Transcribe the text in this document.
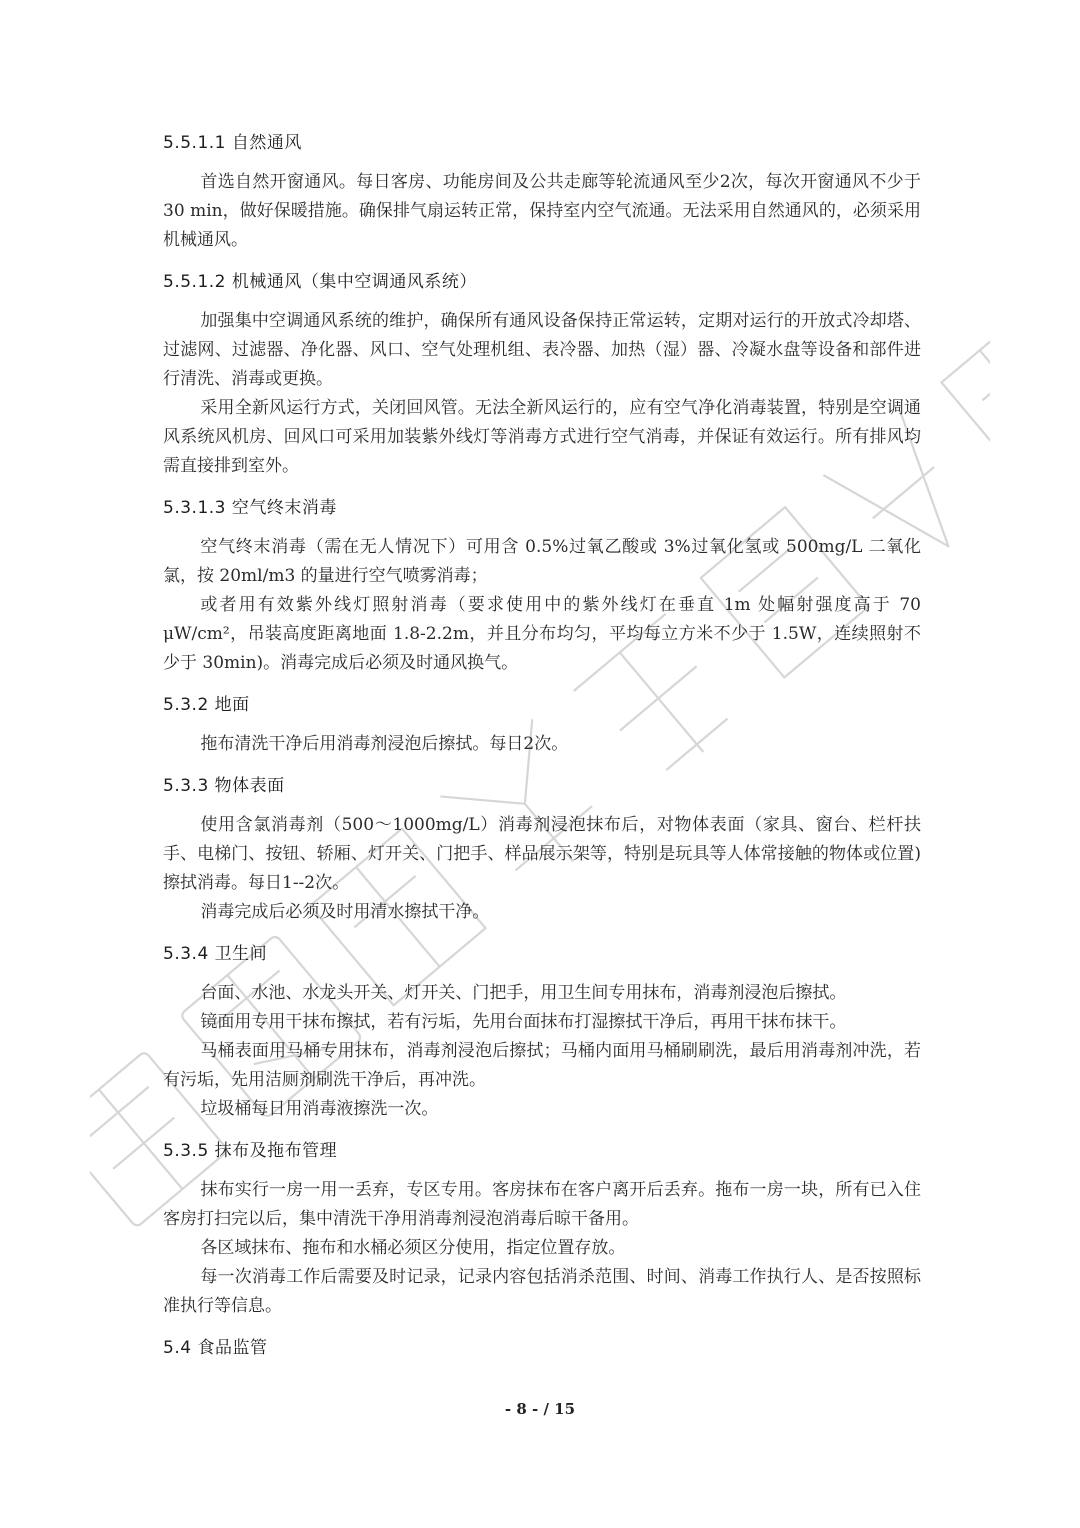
5.5.1.1 自然通风

首选自然开窗通风。每日客房、功能房间及公共走廊等轮流通风至少2次，每次开窗通风不少于30 min，做好保暖措施。确保排气扇运转正常，保持室内空气流通。无法采用自然通风的，必须采用机械通风。

5.5.1.2 机械通风（集中空调通风系统）

加强集中空调通风系统的维护，确保所有通风设备保持正常运转，定期对运行的开放式冷却塔、过滤网、过滤器、净化器、风口、空气处理机组、表冷器、加热（湿）器、冷凝水盘等设备和部件进行清洗、消毒或更换。

采用全新风运行方式，关闭回风管。无法全新风运行的，应有空气净化消毒装置，特别是空调通风系统风机房、回风口可采用加装紫外线灯等消毒方式进行空气消毒，并保证有效运行。所有排风均需直接排到室外。

5.3.1.3 空气终末消毒

空气终末消毒（需在无人情况下）可用含 0.5%过氧乙酸或 3%过氧化氢或 500mg/L 二氧化氯，按 20ml/m3 的量进行空气喷雾消毒；

或者用有效紫外线灯照射消毒（要求使用中的紫外线灯在垂直 1m 处幅射强度高于 70 μW/cm²，吊装高度距离地面 1.8-2.2m，并且分布均匀，平均每立方米不少于 1.5W，连续照射不少于 30min)。消毒完成后必须及时通风换气。

5.3.2 地面

拖布清洗干净后用消毒剂浸泡后擦拭。每日2次。

5.3.3 物体表面

使用含氯消毒剂（500～1000mg/L）消毒剂浸泡抹布后，对物体表面（家具、窗台、栏杆扶手、电梯门、按钮、轿厢、灯开关、门把手、样品展示架等，特别是玩具等人体常接触的物体或位置)擦拭消毒。每日1--2次。

消毒完成后必须及时用清水擦拭干净。

5.3.4 卫生间

台面、水池、水龙头开关、灯开关、门把手，用卫生间专用抹布，消毒剂浸泡后擦拭。

镜面用专用干抹布擦拭，若有污垢，先用台面抹布打湿擦拭干净后，再用干抹布抹干。

马桶表面用马桶专用抹布，消毒剂浸泡后擦拭；马桶内面用马桶刷刷洗，最后用消毒剂冲洗，若有污垢，先用洁厕剂刷洗干净后，再冲洗。

垃圾桶每日用消毒液擦洗一次。

5.3.5 抹布及拖布管理

抹布实行一房一用一丢弃，专区专用。客房抹布在客户离开后丢弃。拖布一房一块，所有已入住客房打扫完以后，集中清洗干净用消毒剂浸泡消毒后晾干备用。

各区域抹布、拖布和水桶必须区分使用，指定位置存放。

每一次消毒工作后需要及时记录，记录内容包括消杀范围、时间、消毒工作执行人、是否按照标准执行等信息。

5.4 食品监管
- 8 - / 15
